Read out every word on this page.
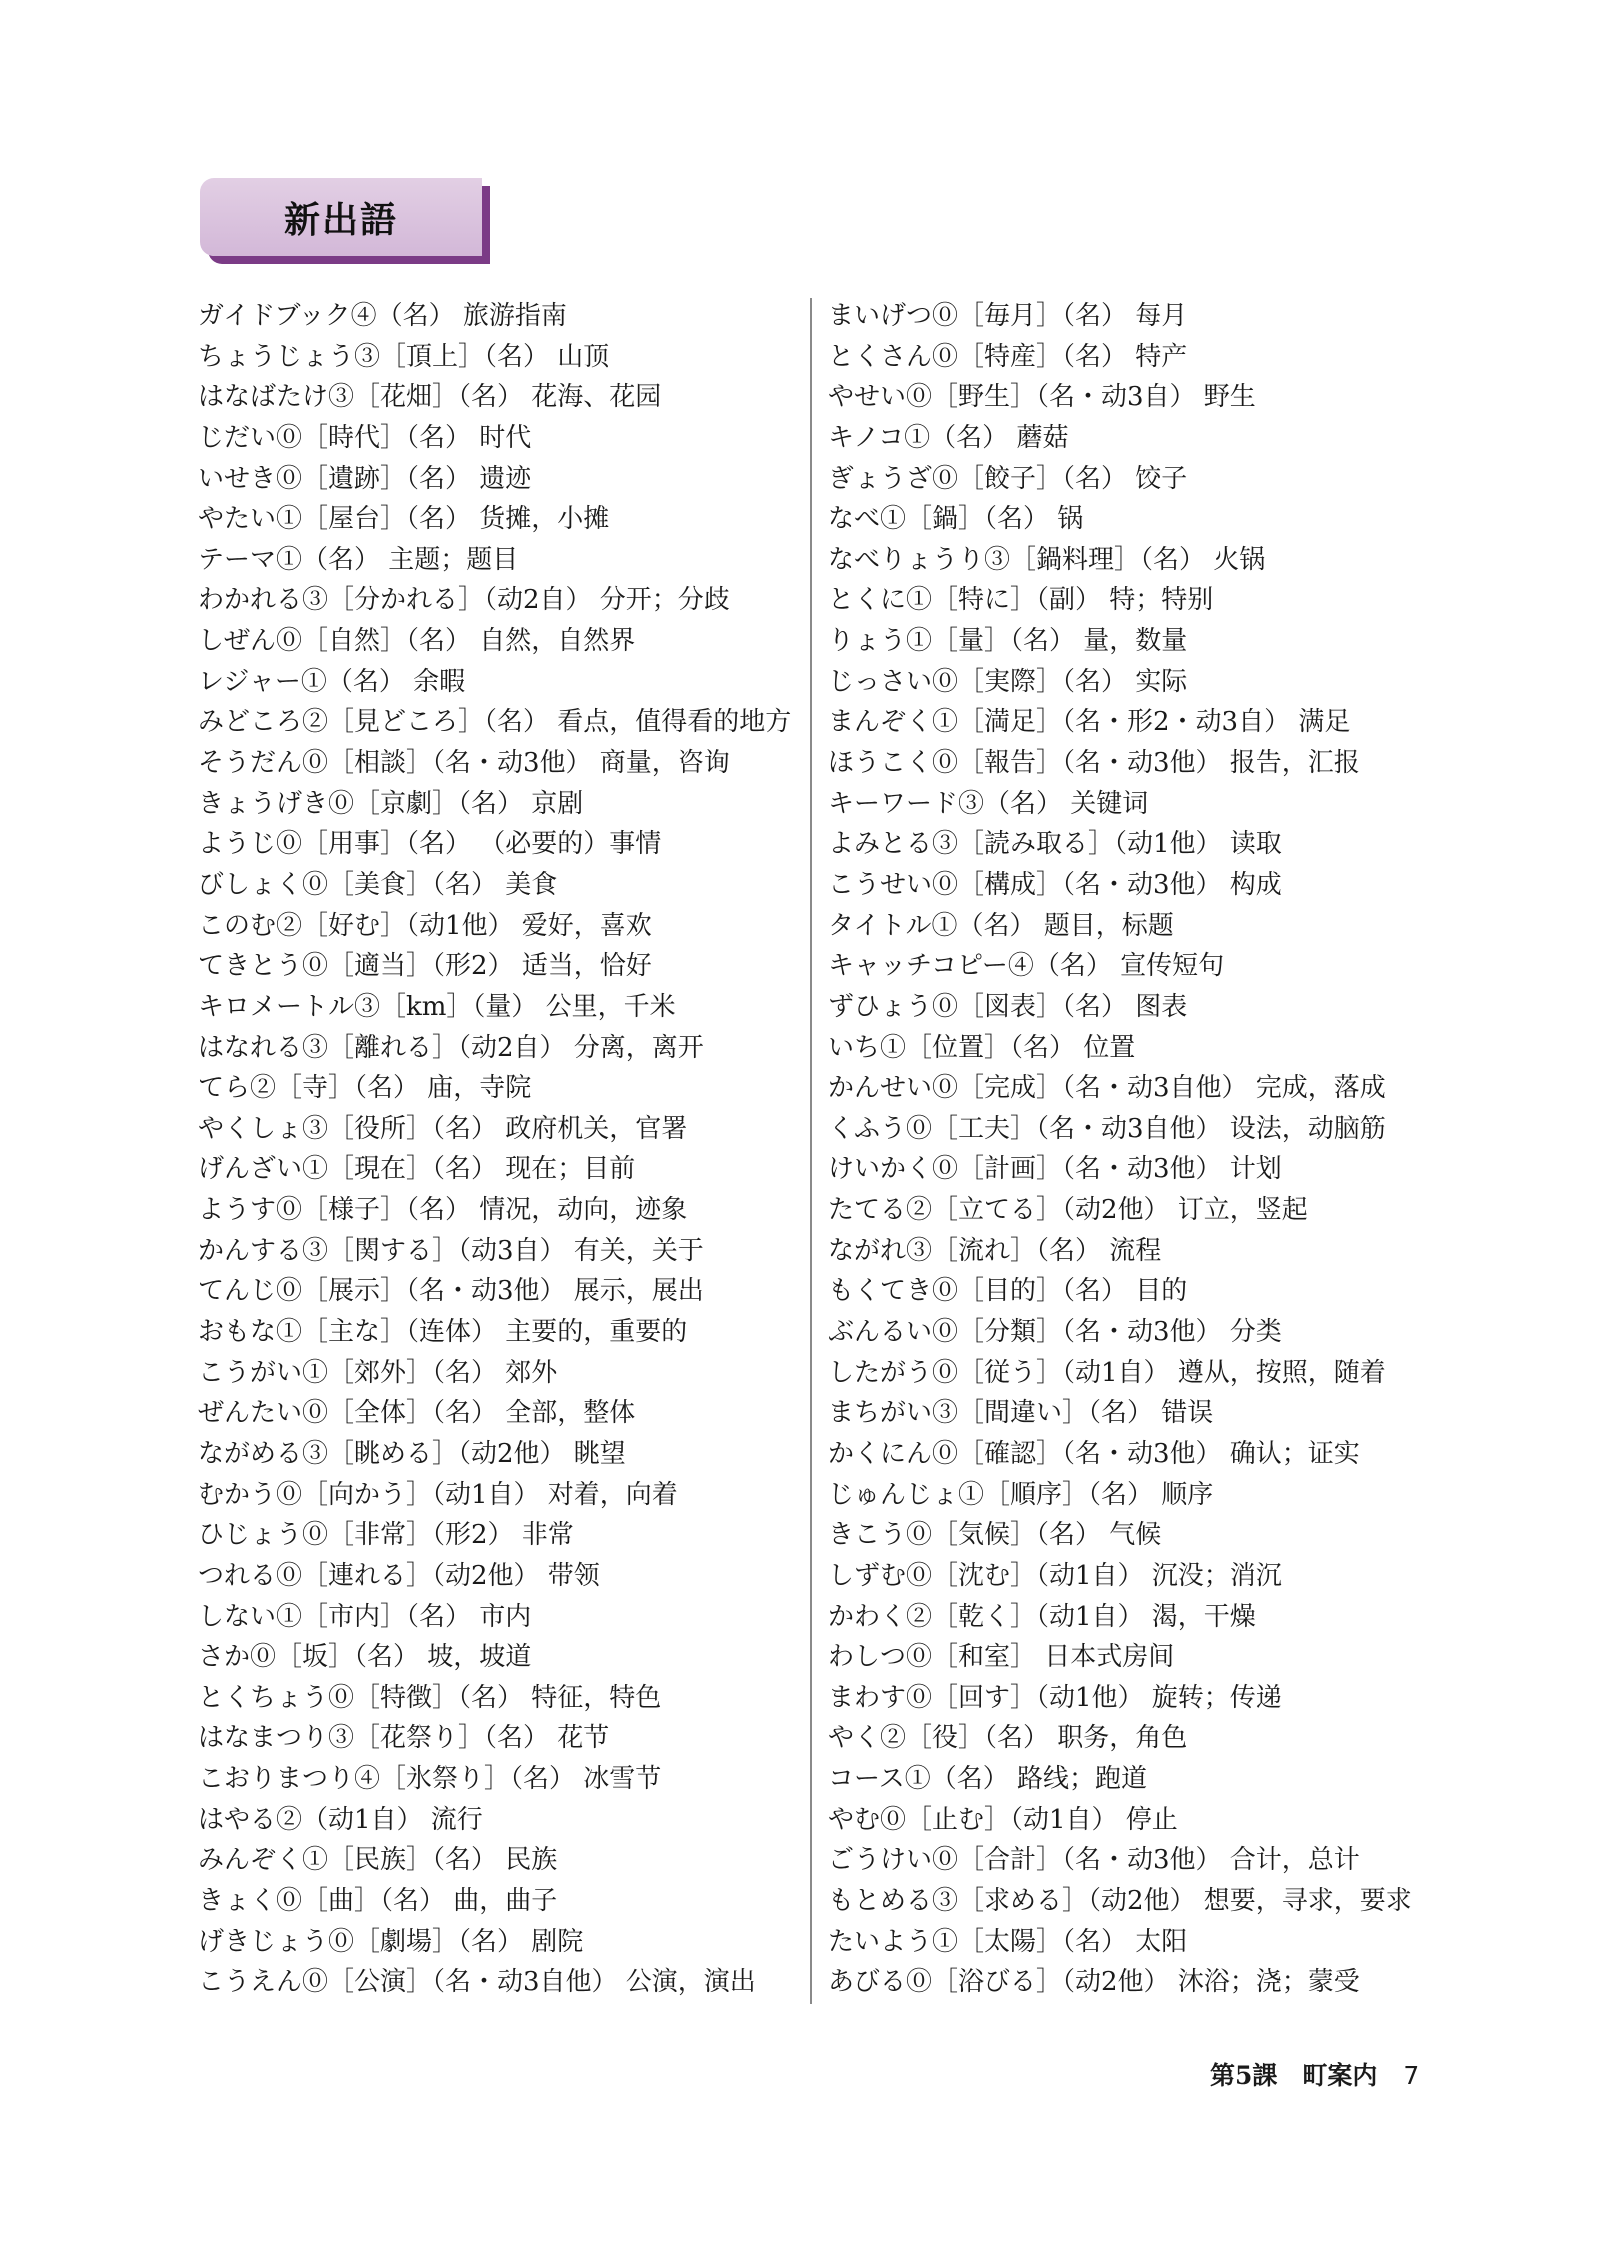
新出語
ガイドブック④（名） 旅游指南
ちょうじょう③［頂上］（名） 山顶
はなばたけ③［花畑］（名） 花海、花园
じだい⓪［時代］（名） 时代
いせき⓪［遺跡］（名） 遗迹
やたい①［屋台］（名） 货摊，小摊
テーマ①（名） 主题；题目
わかれる③［分かれる］（动2自） 分开；分歧
しぜん⓪［自然］（名） 自然，自然界
レジャー①（名） 余暇
みどころ②［見どころ］（名） 看点，值得看的地方
そうだん⓪［相談］（名・动3他） 商量，咨询
きょうげき⓪［京劇］（名） 京剧
ようじ⓪［用事］（名） （必要的）事情
びしょく⓪［美食］（名） 美食
このむ②［好む］（动1他） 爱好，喜欢
てきとう⓪［適当］（形2） 适当，恰好
キロメートル③［km］（量） 公里，千米
はなれる③［離れる］（动2自） 分离，离开
てら②［寺］（名） 庙，寺院
やくしょ③［役所］（名） 政府机关，官署
げんざい①［現在］（名） 现在；目前
ようす⓪［様子］（名） 情况，动向，迹象
かんする③［関する］（动3自） 有关，关于
てんじ⓪［展示］（名・动3他） 展示，展出
おもな①［主な］（连体） 主要的，重要的
こうがい①［郊外］（名） 郊外
ぜんたい⓪［全体］（名） 全部，整体
ながめる③［眺める］（动2他） 眺望
むかう⓪［向かう］（动1自） 对着，向着
ひじょう⓪［非常］（形2） 非常
つれる⓪［連れる］（动2他） 带领
しない①［市内］（名） 市内
さか⓪［坂］（名） 坡，坡道
とくちょう⓪［特徴］（名） 特征，特色
はなまつり③［花祭り］（名） 花节
こおりまつり④［氷祭り］（名） 冰雪节
はやる②（动1自） 流行
みんぞく①［民族］（名） 民族
きょく⓪［曲］（名） 曲，曲子
げきじょう⓪［劇場］（名） 剧院
こうえん⓪［公演］（名・动3自他） 公演，演出
まいげつ⓪［毎月］（名） 每月
とくさん⓪［特産］（名） 特产
やせい⓪［野生］（名・动3自） 野生
キノコ①（名） 蘑菇
ぎょうざ⓪［餃子］（名） 饺子
なべ①［鍋］（名） 锅
なべりょうり③［鍋料理］（名） 火锅
とくに①［特に］（副） 特；特别
りょう①［量］（名） 量，数量
じっさい⓪［実際］（名） 实际
まんぞく①［満足］（名・形2・动3自） 满足
ほうこく⓪［報告］（名・动3他） 报告，汇报
キーワード③（名） 关键词
よみとる③［読み取る］（动1他） 读取
こうせい⓪［構成］（名・动3他） 构成
タイトル①（名） 题目，标题
キャッチコピー④（名） 宣传短句
ずひょう⓪［図表］（名） 图表
いち①［位置］（名） 位置
かんせい⓪［完成］（名・动3自他） 完成，落成
くふう⓪［工夫］（名・动3自他） 设法，动脑筋
けいかく⓪［計画］（名・动3他） 计划
たてる②［立てる］（动2他） 订立，竖起
ながれ③［流れ］（名） 流程
もくてき⓪［目的］（名） 目的
ぶんるい⓪［分類］（名・动3他） 分类
したがう⓪［従う］（动1自） 遵从，按照，随着
まちがい③［間違い］（名） 错误
かくにん⓪［確認］（名・动3他） 确认；证实
じゅんじょ①［順序］（名） 顺序
きこう⓪［気候］（名） 气候
しずむ⓪［沈む］（动1自） 沉没；消沉
かわく②［乾く］（动1自） 渴，干燥
わしつ⓪［和室］ 日本式房间
まわす⓪［回す］（动1他） 旋转；传递
やく②［役］（名） 职务，角色
コース①（名） 路线；跑道
やむ⓪［止む］（动1自） 停止
ごうけい⓪［合計］（名・动3他） 合计，总计
もとめる③［求める］（动2他） 想要，寻求，要求
たいよう①［太陽］（名） 太阳
あびる⓪［浴びる］（动2他） 沐浴；浇；蒙受
第5課　町案内 7
